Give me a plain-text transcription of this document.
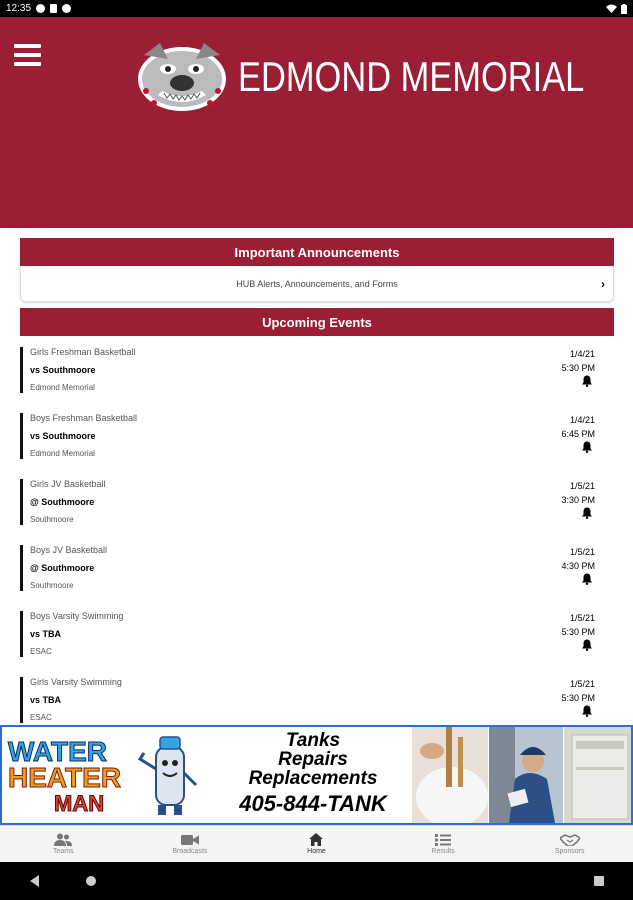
12:35
EDMOND MEMORIAL
Important Announcements
HUB Alerts, Announcements, and Forms	›
Upcoming Events
Girls Freshman Basketball
vs Southmoore
Edmond Memorial
1/4/21
5:30 PM
Boys Freshman Basketball
vs Southmoore
Edmond Memorial
1/4/21
6:45 PM
Girls JV Basketball
@ Southmoore
Southmoore
1/5/21
3:30 PM
Boys JV Basketball
@ Southmoore
Southmoore
1/5/21
4:30 PM
Boys Varsity Swimming
vs TBA
ESAC
1/5/21
5:30 PM
Girls Varsity Swimming
vs TBA
ESAC
1/5/21
5:30 PM
WATER
HEATER
MAN
Tanks
Repairs
Replacements
405-844-TANK
Teams	Broadcasts	Home	Results	Sponsors
